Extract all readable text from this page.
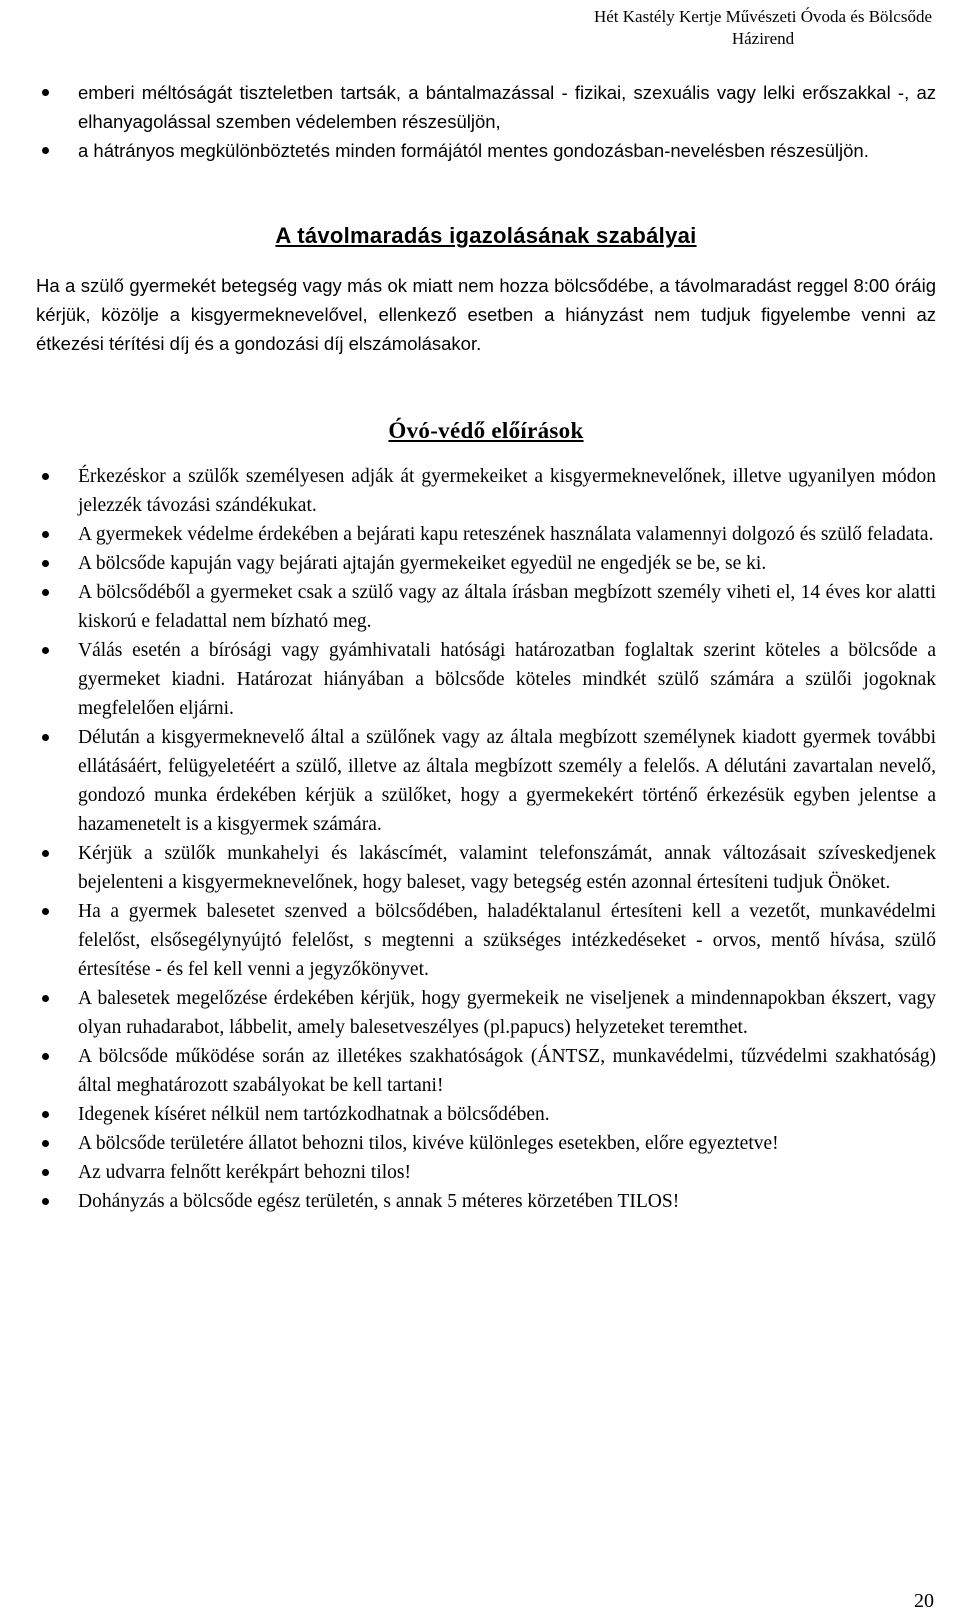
Hét Kastély Kertje Művészeti Óvoda és Bölcsőde
Házirend
emberi méltóságát tiszteletben tartsák, a bántalmazással - fizikai, szexuális vagy lelki erőszakkal -, az elhanyagolással szemben védelemben részesüljön,
a hátrányos megkülönböztetés minden formájától mentes gondozásban-nevelésben részesüljön.
A távolmaradás igazolásának szabályai

Ha a szülő gyermekét betegség vagy más ok miatt nem hozza bölcsődébe, a távolmaradást reggel 8:00 óráig kérjük, közölje a kisgyermeknevelővel, ellenkező esetben a hiányzást nem tudjuk figyelembe venni az étkezési térítési díj és a gondozási díj elszámolásakor.

Óvó-védő előírások
Érkezéskor a szülők személyesen adják át gyermekeiket a kisgyermeknevelőnek, illetve ugyanilyen módon jelezzék távozási szándékukat.
A gyermekek védelme érdekében a bejárati kapu reteszének használata valamennyi dolgozó és szülő feladata.
A bölcsőde kapuján vagy bejárati ajtaján gyermekeiket egyedül ne engedjék se be, se ki.
A bölcsődéből a gyermeket csak a szülő vagy az általa írásban megbízott személy viheti el, 14 éves kor alatti kiskorú e feladattal nem bízható meg.
Válás esetén a bírósági vagy gyámhivatali hatósági határozatban foglaltak szerint köteles a bölcsőde a gyermeket kiadni. Határozat hiányában a bölcsőde köteles mindkét szülő számára a szülői jogoknak megfelelően eljárni.
Délután a kisgyermeknevelő által a szülőnek vagy az általa megbízott személynek kiadott gyermek további ellátásáért, felügyeletéért a szülő, illetve az általa megbízott személy a felelős. A délutáni zavartalan nevelő, gondozó munka érdekében kérjük a szülőket, hogy a gyermekekért történő érkezésük egyben jelentse a hazamenetelt is a kisgyermek számára.
Kérjük a szülők munkahelyi és lakáscímét, valamint telefonszámát, annak változásait szíveskedjenek bejelenteni a kisgyermeknevelőnek, hogy baleset, vagy betegség estén azonnal értesíteni tudjuk Önöket.
Ha a gyermek balesetet szenved a bölcsődében, haladéktalanul értesíteni kell a vezetőt, munkavédelmi felelőst, elsősegélynyújtó felelőst, s megtenni a szükséges intézkedéseket - orvos, mentő hívása, szülő értesítése - és fel kell venni a jegyzőkönyvet.
A balesetek megelőzése érdekében kérjük, hogy gyermekeik ne viseljenek a mindennapokban ékszert, vagy olyan ruhadarabot, lábbelit, amely balesetveszélyes (pl.papucs) helyzeteket teremthet.
A bölcsőde működése során az illetékes szakhatóságok (ÁNTSZ, munkavédelmi, tűzvédelmi szakhatóság) által meghatározott szabályokat be kell tartani!
Idegenek kíséret nélkül nem tartózkodhatnak a bölcsődében.
A bölcsőde területére állatot behozni tilos, kivéve különleges esetekben, előre egyeztetve!
Az udvarra felnőtt kerékpárt behozni tilos!
Dohányzás a bölcsőde egész területén, s annak 5 méteres körzetében TILOS!
20
